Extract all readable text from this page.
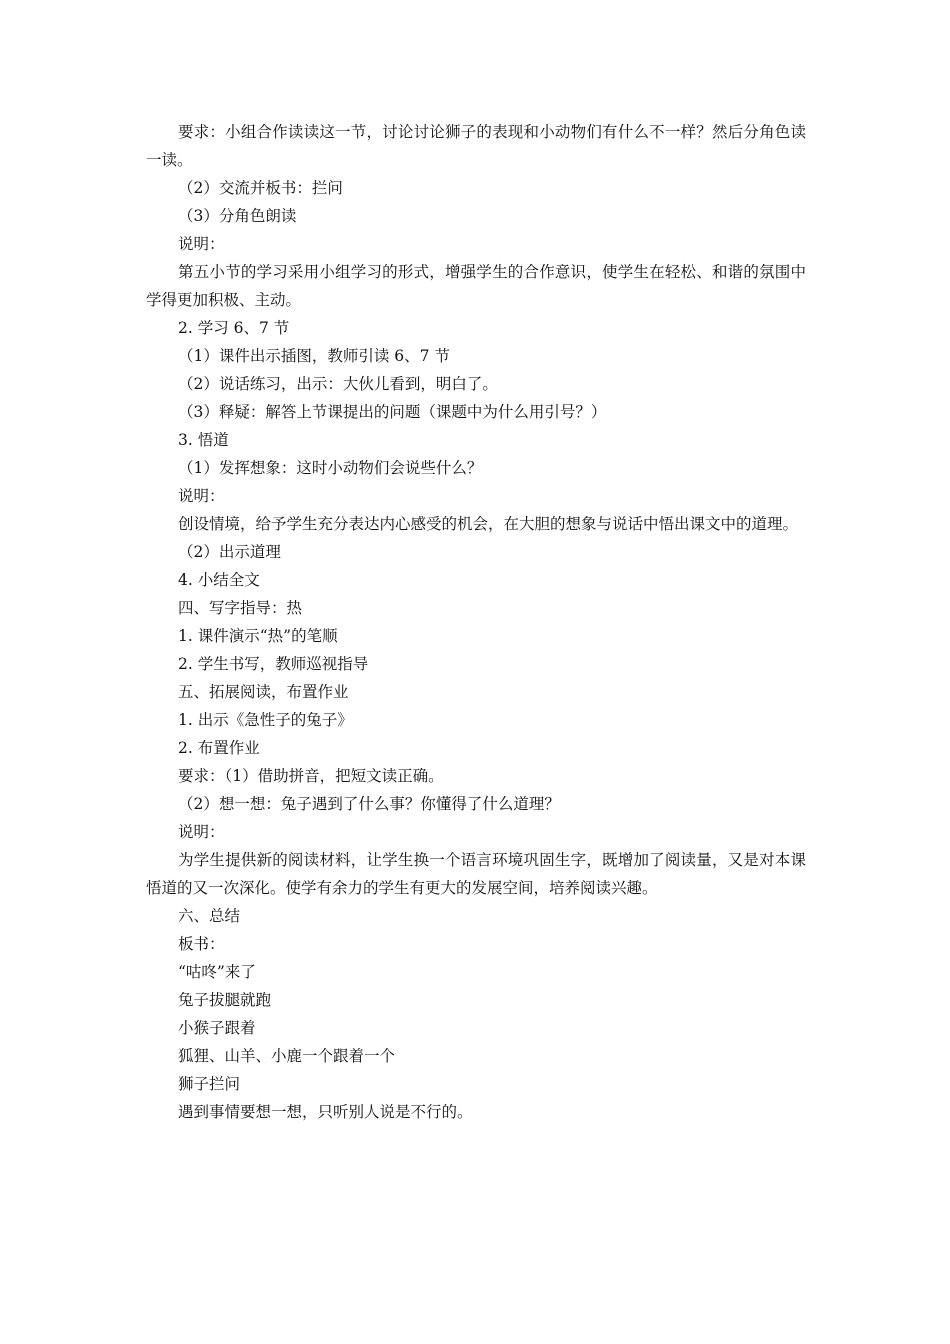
要求：小组合作读读这一节，讨论讨论狮子的表现和小动物们有什么不一样？然后分角色读一读。

（2）交流并板书：拦问

（3）分角色朗读

说明：

第五小节的学习采用小组学习的形式，增强学生的合作意识，使学生在轻松、和谐的氛围中学得更加积极、主动。

2. 学习 6、7 节

（1）课件出示插图，教师引读 6、7 节

（2）说话练习，出示：大伙儿看到，明白了。

（3）释疑：解答上节课提出的问题（课题中为什么用引号？）

3. 悟道

（1）发挥想象：这时小动物们会说些什么？

说明：

创设情境，给予学生充分表达内心感受的机会，在大胆的想象与说话中悟出课文中的道理。

（2）出示道理

4. 小结全文

四、写字指导：热

1. 课件演示“热”的笔顺

2. 学生书写，教师巡视指导

五、拓展阅读，布置作业

1. 出示《急性子的兔子》

2. 布置作业

要求：（1）借助拼音，把短文读正确。

（2）想一想：兔子遇到了什么事？你懂得了什么道理？

说明：

为学生提供新的阅读材料，让学生换一个语言环境巩固生字，既增加了阅读量，又是对本课悟道的又一次深化。使学有余力的学生有更大的发展空间，培养阅读兴趣。

六、总结

板书：

“咕咚”来了

兔子拔腿就跑

小猴子跟着

狐狸、山羊、小鹿一个跟着一个

狮子拦问

遇到事情要想一想，只听别人说是不行的。
